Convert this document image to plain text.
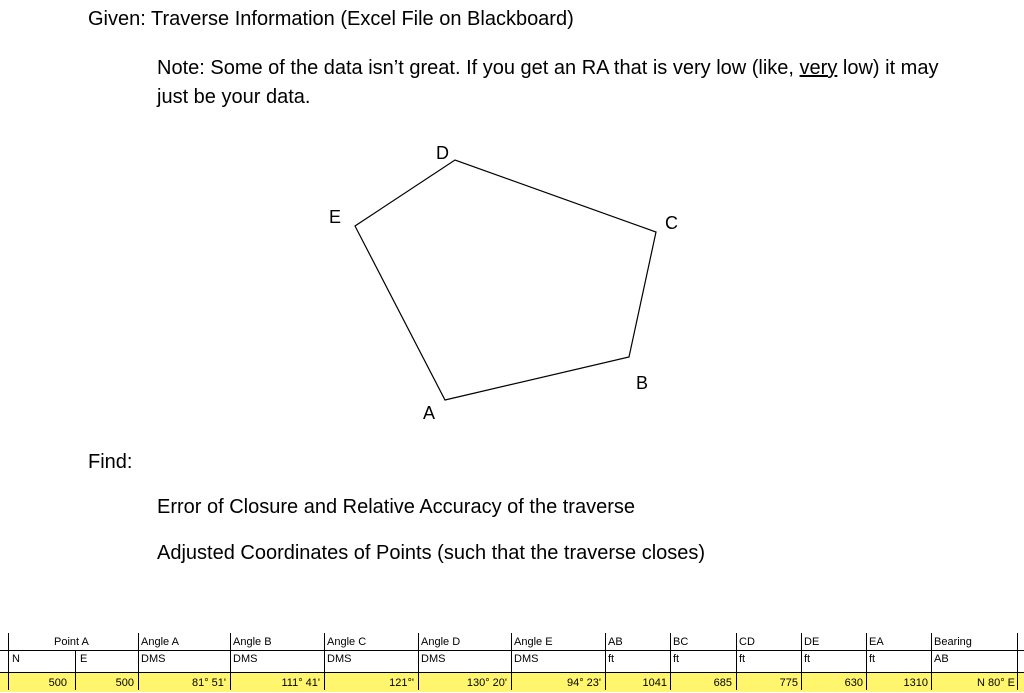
Given: Traverse Information (Excel File on Blackboard)
Note: Some of the data isn’t great. If you get an RA that is very low (like, very low) it may
just be your data.
A
B
C
D
E
Find:
Error of Closure and Relative Accuracy of the traverse
Adjusted Coordinates of Points (such that the traverse closes)
Point A	Angle A	Angle B	Angle C	Angle D	Angle E	AB	BC	CD	DE	EA	Bearing
N	E	DMS	DMS	DMS	DMS	DMS	ft	ft	ft	ft	ft	AB
500	500	81° 51'	111° 41'	121°'	130° 20'	94° 23'	1041	685	775	630	1310	N 80° E
